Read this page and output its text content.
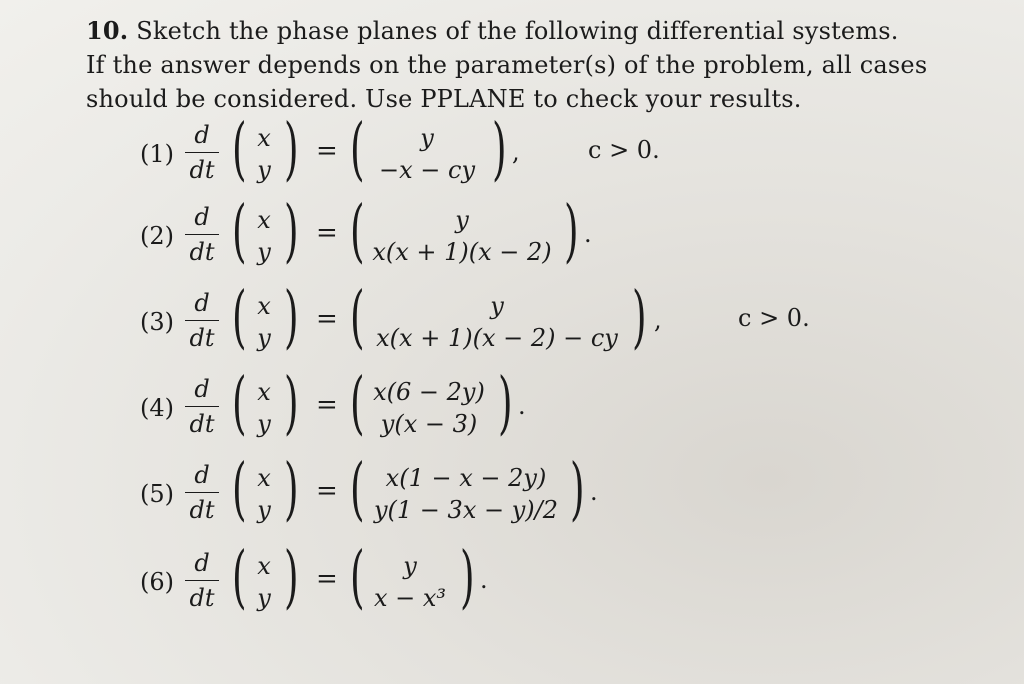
10. Sketch the phase planes of the following differential systems.
If the answer depends on the parameter(s) of the problem, all cases
should be considered. Use PPLANE to check your results.
(1)
d
dt ( x
y ) = (	y
−x − cy ) ,	c > 0.
(2)
d
dt ( x
y ) = (	y
x(x + 1)(x − 2) ) .
(3)
d
dt ( x
y ) = (	y
x(x + 1)(x − 2) − cy ) ,	c > 0.
(4)
d
dt ( x
y ) = ( x(6 − 2y)
y(x − 3) ) .
(5)
d
dt ( x
y ) = ( x(1 − x − 2y)
y(1 − 3x − y)/2 ) .
(6)
d
dt ( x
y ) = (	y
x − x³ ) .
